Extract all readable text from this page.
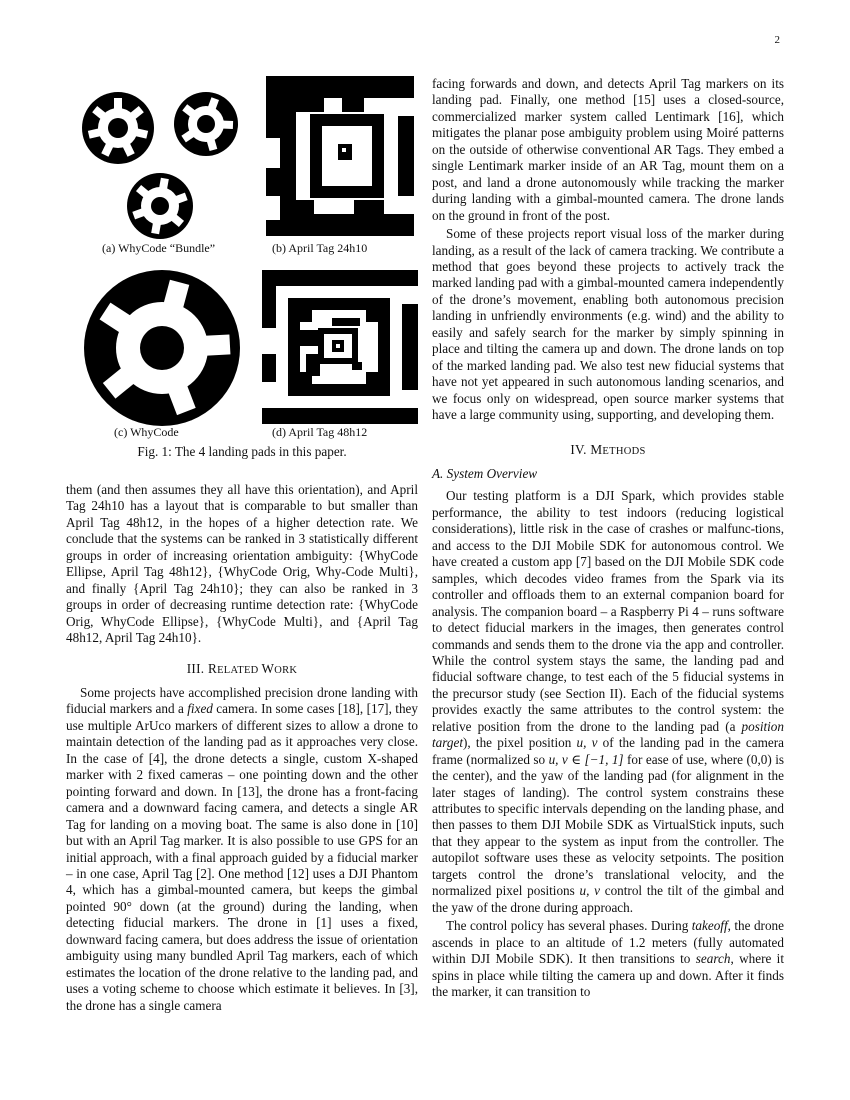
2
(a) WhyCode “Bundle”	(b) April Tag 24h10
(c) WhyCode	(d) April Tag 48h12
Fig. 1: The 4 landing pads in this paper.

them (and then assumes they all have this orientation), and April Tag 24h10 has a layout that is comparable to but smaller than April Tag 48h12, in the hopes of a higher detection rate. We conclude that the systems can be ranked in 3 statistically different groups in order of increasing orientation ambiguity: {WhyCode Ellipse, April Tag 48h12}, {WhyCode Orig, Why-Code Multi}, and finally {April Tag 24h10}; they can also be ranked in 3 groups in order of decreasing runtime detection rate: {WhyCode Orig, WhyCode Ellipse}, {WhyCode Multi}, and {April Tag 48h12, April Tag 24h10}.

III. RELATED WORK

Some projects have accomplished precision drone landing with fiducial markers and a fixed camera. In some cases [18], [17], they use multiple ArUco markers of different sizes to allow a drone to maintain detection of the landing pad as it approaches very close. In the case of [4], the drone detects a single, custom X-shaped marker with 2 fixed cameras – one pointing down and the other pointing forward and down. In [13], the drone has a front-facing camera and a downward facing camera, and detects a single AR Tag for landing on a moving boat. The same is also done in [10] but with an April Tag marker. It is also possible to use GPS for an initial approach, with a final approach guided by a fiducial marker – in one case, April Tag [2]. One method [12] uses a DJI Phantom 4, which has a gimbal-mounted camera, but keeps the gimbal pointed 90° down (at the ground) during the landing, when detecting fiducial markers. The drone in [1] uses a fixed, downward facing camera, but does address the issue of orientation ambiguity using many bundled April Tag markers, each of which estimates the location of the drone relative to the landing pad, and uses a voting scheme to choose which estimate it believes. In [3], the drone has a single camera

facing forwards and down, and detects April Tag markers on its landing pad. Finally, one method [15] uses a closed-source, commercialized marker system called Lentimark [16], which mitigates the planar pose ambiguity problem using Moiré patterns on the outside of otherwise conventional AR Tags. They embed a single Lentimark marker inside of an AR Tag, mount them on a post, and land a drone autonomously while tracking the marker during landing with a gimbal-mounted camera. The drone lands on the ground in front of the post.

Some of these projects report visual loss of the marker during landing, as a result of the lack of camera tracking. We contribute a method that goes beyond these projects to actively track the marked landing pad with a gimbal-mounted camera independently of the drone’s movement, enabling both autonomous precision landing in unfriendly environments (e.g. wind) and the ability to easily and safely search for the marker by simply spinning in place and tilting the camera up and down. The drone lands on top of the marked landing pad. We also test new fiducial systems that have not yet appeared in such autonomous landing scenarios, and we focus only on widespread, open source marker systems that have a large community using, supporting, and developing them.

IV. METHODS
A. System Overview

Our testing platform is a DJI Spark, which provides stable performance, the ability to test indoors (reducing logistical considerations), little risk in the case of crashes or malfunc-tions, and access to the DJI Mobile SDK for autonomous control. We have created a custom app [7] based on the DJI Mobile SDK code samples, which decodes video frames from the Spark via its controller and offloads them to an external companion board for analysis. The companion board – a Raspberry Pi 4 – runs software to detect fiducial markers in the images, then generates control commands and sends them to the drone via the app and controller. While the control system stays the same, the landing pad and fiducial software change, to test each of the 5 fiducial systems in the precursor study (see Section II). Each of the fiducial systems provides exactly the same attributes to the control system: the relative position from the drone to the landing pad (a position target), the pixel position u, v of the landing pad in the camera frame (normalized so u, v ∈ [−1, 1] for ease of use, where (0,0) is the center), and the yaw of the landing pad (for alignment in the later stages of landing). The control system constrains these attributes to specific intervals depending on the landing phase, and then passes to them DJI Mobile SDK as VirtualStick inputs, such that they appear to the system as input from the controller. The autopilot software uses these as velocity setpoints. The position targets control the drone’s translational velocity, and the normalized pixel positions u, v control the tilt of the gimbal and the yaw of the drone during approach.

The control policy has several phases. During takeoff, the drone ascends in place to an altitude of 1.2 meters (fully automated within DJI Mobile SDK). It then transitions to search, where it spins in place while tilting the camera up and down. After it finds the marker, it can transition to
